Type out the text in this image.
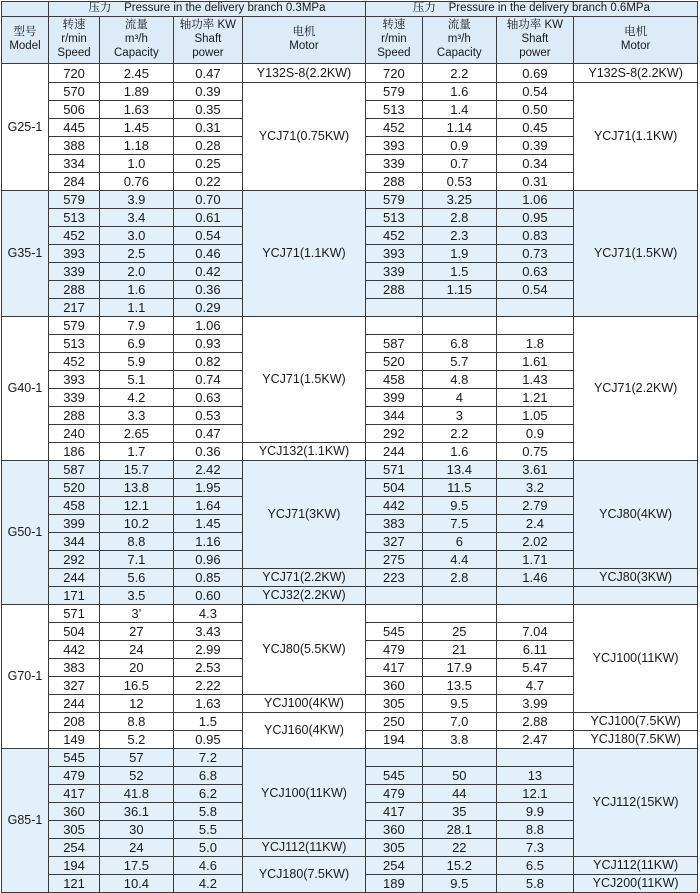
	压力 Pressure in the delivery branch 0.3MPa				压力 Pressure in the delivery branch 0.6MPa			

型号
Model	转速
r/min
Speed	流量
m³/h
Capacity	轴功率 KW
Shaft
power	电机
Motor	转速
r/min
Speed	流量
m³/h
Capacity	轴功率 KW
Shaft
power	电机
Motor

G25-1	720	2.45	0.47	Y132S-8(2.2KW)	720	2.2	0.69	Y132S-8(2.2KW)
	570	1.89	0.39	YCJ71(0.75KW)	579	1.6	0.54	YCJ71(1.1KW)
	506	1.63	0.35		513	1.4	0.50	
	445	1.45	0.31		452	1.14	0.45	
	388	1.18	0.28		393	0.9	0.39	
	334	1.0	0.25		339	0.7	0.34	
	284	0.76	0.22		288	0.53	0.31	
G35-1	579	3.9	0.70	YCJ71(1.1KW)	579	3.25	1.06	YCJ71(1.5KW)
	513	3.4	0.61		513	2.8	0.95	
	452	3.0	0.54		452	2.3	0.83	
	393	2.5	0.46		393	1.9	0.73	
	339	2.0	0.42		339	1.5	0.63	
	288	1.6	0.36		288	1.15	0.54	
	217	1.1	0.29					
G40-1	579	7.9	1.06	YCJ71(1.5KW)				YCJ71(2.2KW)
	513	6.9	0.93		587	6.8	1.8	
	452	5.9	0.82		520	5.7	1.61	
	393	5.1	0.74		458	4.8	1.43	
	339	4.2	0.63		399	4	1.21	
	288	3.3	0.53		344	3	1.05	
	240	2.65	0.47		292	2.2	0.9	
	186	1.7	0.36	YCJ132(1.1KW)	244	1.6	0.75	
G50-1	587	15.7	2.42	YCJ71(3KW)	571	13.4	3.61	YCJ80(4KW)
	520	13.8	1.95		504	11.5	3.2	
	458	12.1	1.64		442	9.5	2.79	
	399	10.2	1.45		383	7.5	2.4	
	344	8.8	1.16		327	6	2.02	
	292	7.1	0.96		275	4.4	1.71	
	244	5.6	0.85	YCJ71(2.2KW)	223	2.8	1.46	YCJ80(3KW)
	171	3.5	0.60	YCJ32(2.2KW)				
G70-1	571	3’	4.3	YCJ80(5.5KW)				YCJ100(11KW)
	504	27	3.43		545	25	7.04	
	442	24	2.99		479	21	6.11	
	383	20	2.53		417	17.9	5.47	
	327	16.5	2.22		360	13.5	4.7	
	244	12	1.63	YCJ100(4KW)	305	9.5	3.99	
	208	8.8	1.5	YCJ160(4KW)	250	7.0	2.88	YCJ100(7.5KW)
	149	5.2	0.95		194	3.8	2.47	YCJ180(7.5KW)
G85-1	545	57	7.2	YCJ100(11KW)				YCJ112(15KW)
	479	52	6.8		545	50	13	
	417	41.8	6.2		479	44	12.1	
	360	36.1	5.8		417	35	9.9	
	305	30	5.5		360	28.1	8.8	
	254	24	5.0	YCJ112(11KW)	305	22	7.3	
	194	17.5	4.6	YCJ180(7.5KW)	254	15.2	6.5	YCJ112(11KW)
	121	10.4	4.2		189	9.5	5.8	YCJ200(11KW)
